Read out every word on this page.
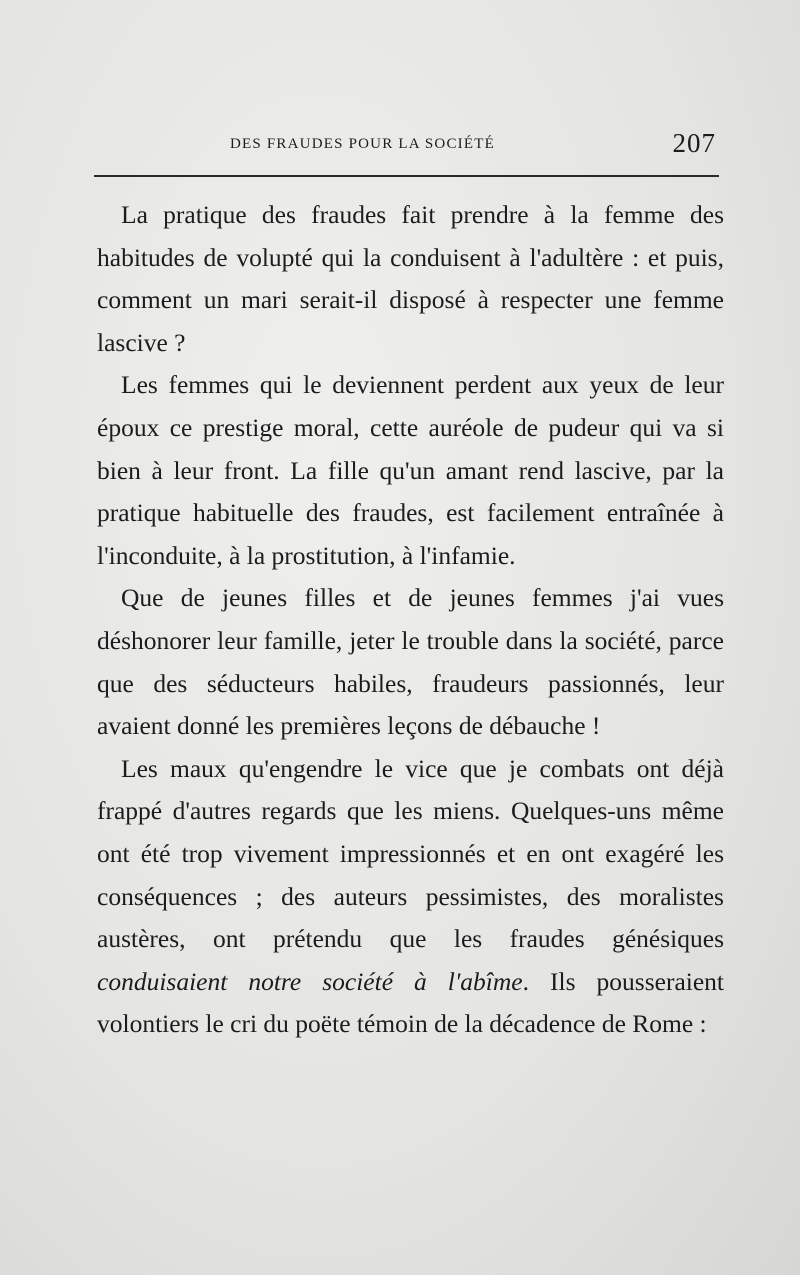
DES FRAUDES POUR LA SOCIÉTÉ	207

La pratique des fraudes fait prendre à la femme des habitudes de volupté qui la conduisent à l'adultère : et puis, comment un mari serait-il disposé à respecter une femme lascive ?

Les femmes qui le deviennent perdent aux yeux de leur époux ce prestige moral, cette auréole de pudeur qui va si bien à leur front. La fille qu'un amant rend lascive, par la pratique habituelle des fraudes, est facilement entraînée à l'inconduite, à la prostitution, à l'infamie.

Que de jeunes filles et de jeunes femmes j'ai vues déshonorer leur famille, jeter le trouble dans la société, parce que des séducteurs habiles, fraudeurs passionnés, leur avaient donné les premières leçons de débauche !

Les maux qu'engendre le vice que je combats ont déjà frappé d'autres regards que les miens. Quelques-uns même ont été trop vivement impressionnés et en ont exagéré les conséquences ; des auteurs pessimistes, des moralistes austères, ont prétendu que les fraudes génésiques conduisaient notre société à l'abîme. Ils pousseraient volontiers le cri du poëte témoin de la décadence de Rome :
